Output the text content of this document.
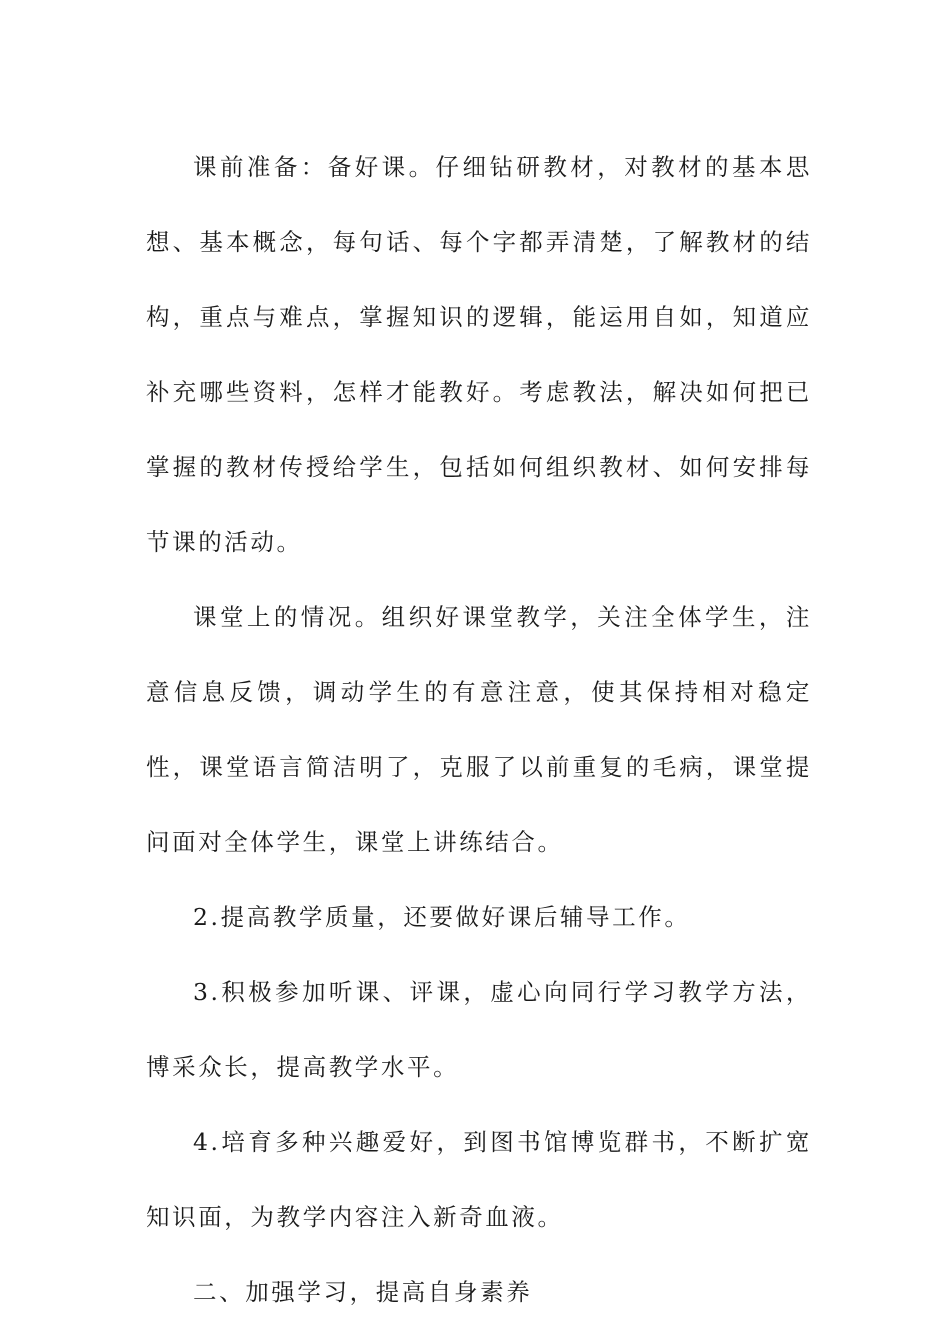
课前准备：备好课。仔细钻研教材，对教材的基本思想、基本概念，每句话、每个字都弄清楚，了解教材的结构，重点与难点，掌握知识的逻辑，能运用自如，知道应补充哪些资料，怎样才能教好。考虑教法，解决如何把已掌握的教材传授给学生，包括如何组织教材、如何安排每节课的活动。

课堂上的情况。组织好课堂教学，关注全体学生，注意信息反馈，调动学生的有意注意，使其保持相对稳定性，课堂语言简洁明了，克服了以前重复的毛病，课堂提问面对全体学生，课堂上讲练结合。

2.提高教学质量，还要做好课后辅导工作。

3.积极参加听课、评课，虚心向同行学习教学方法，博采众长，提高教学水平。

4.培育多种兴趣爱好，到图书馆博览群书，不断扩宽知识面，为教学内容注入新奇血液。

二、加强学习，提高自身素养
